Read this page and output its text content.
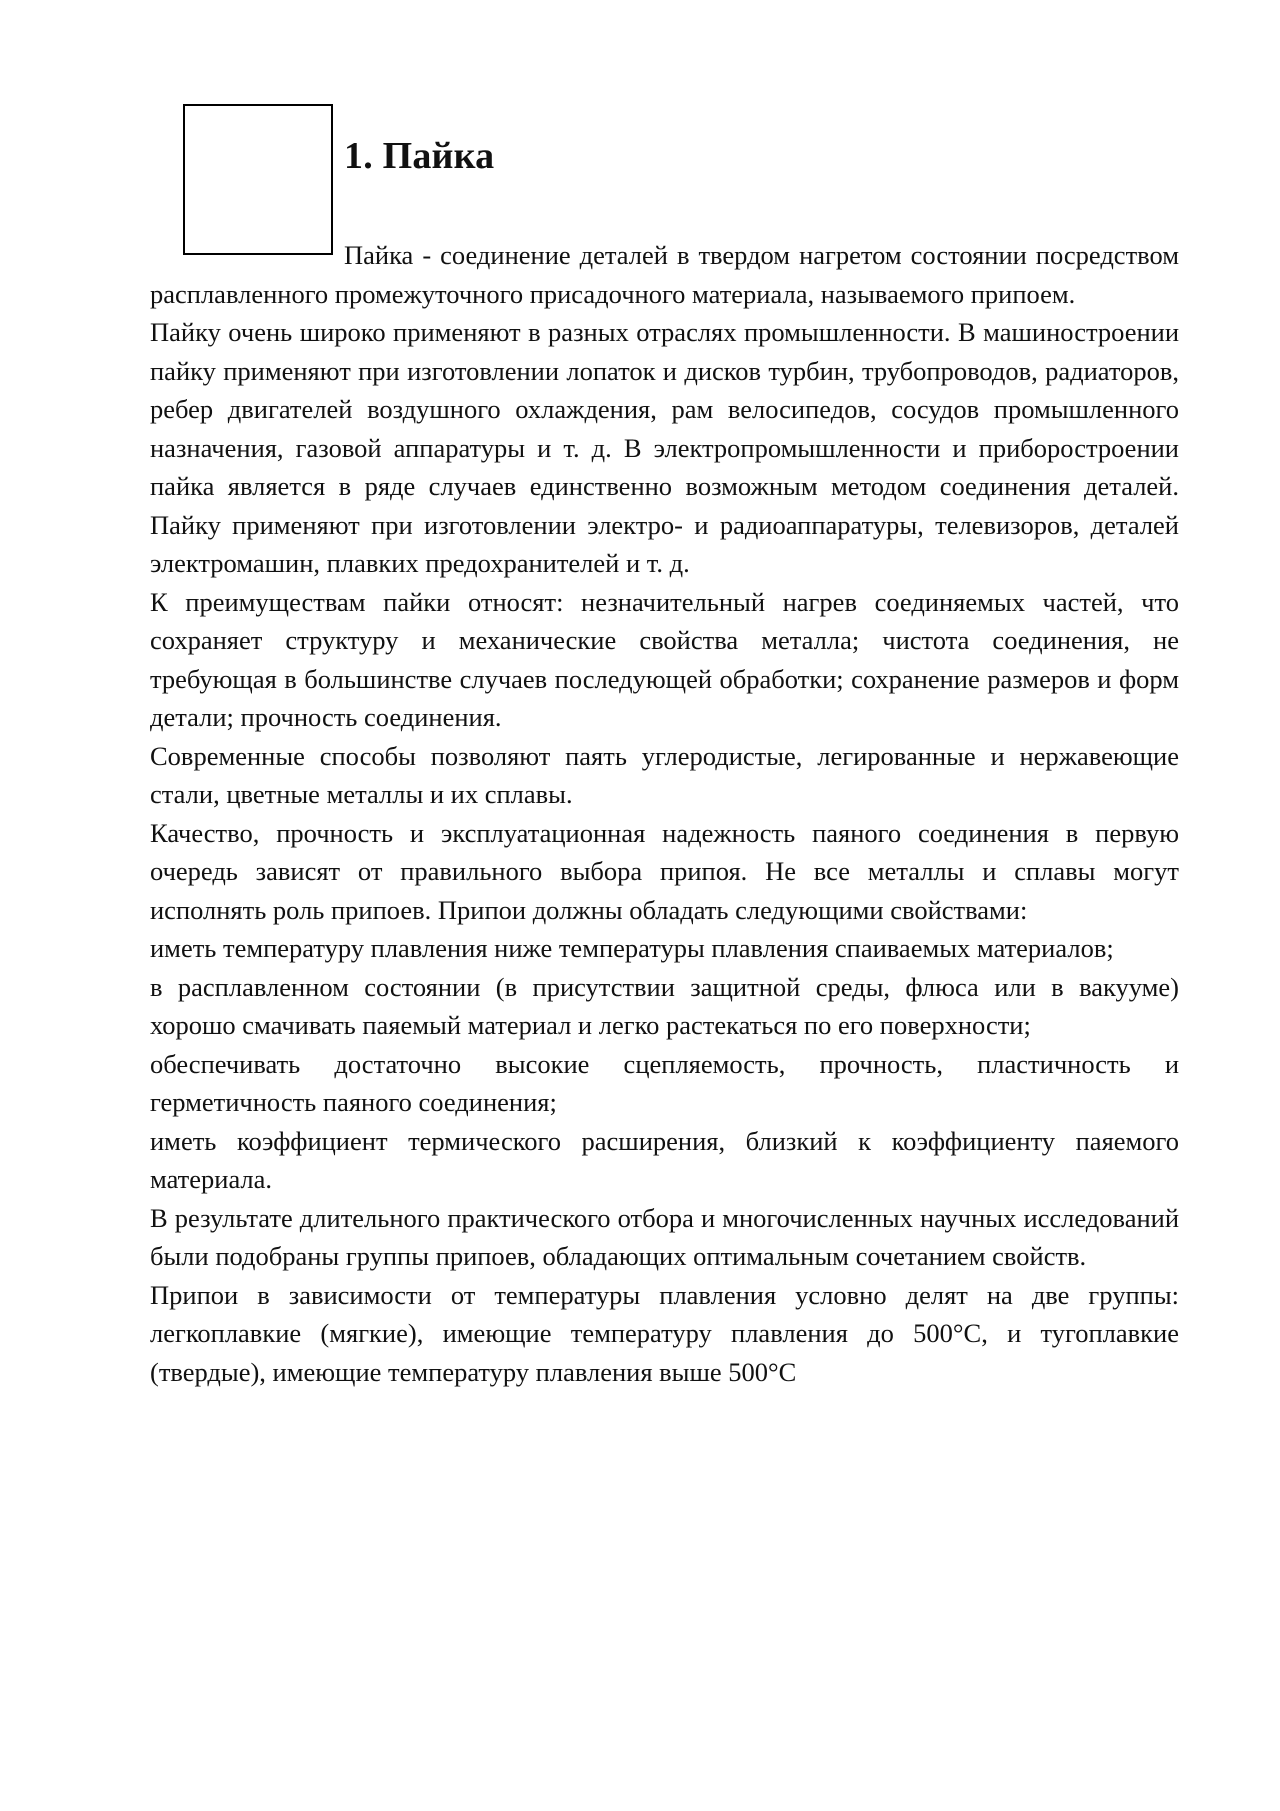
1. Пайка

Пайка - соединение деталей в твердом нагретом состоянии посредством расплавленного промежуточного присадочного материала, называемого припоем.

Пайку очень широко применяют в разных отраслях промышленности. В машиностроении пайку применяют при изготовлении лопаток и дисков турбин, трубопроводов, радиаторов, ребер двигателей воздушного охлаждения, рам велосипедов, сосудов промышленного назначения, газовой аппаратуры и т. д. В электропромышленности и приборостроении пайка является в ряде случаев единственно возможным методом соединения деталей. Пайку применяют при изготовлении электро- и радиоаппаратуры, телевизоров, деталей электромашин, плавких предохранителей и т. д.

К преимуществам пайки относят: незначительный нагрев соединяемых частей, что сохраняет структуру и механические свойства металла; чистота соединения, не требующая в большинстве случаев последующей обработки; сохранение размеров и форм детали; прочность соединения.

Современные способы позволяют паять углеродистые, легированные и нержавеющие стали, цветные металлы и их сплавы.

Качество, прочность и эксплуатационная надежность паяного соединения в первую очередь зависят от правильного выбора припоя. Не все металлы и сплавы могут исполнять роль припоев. Припои должны обладать следующими свойствами:

иметь температуру плавления ниже температуры плавления спаиваемых материалов;

в расплавленном состоянии (в присутствии защитной среды, флюса или в вакууме) хорошо смачивать паяемый материал и легко растекаться по его поверхности;

обеспечивать достаточно высокие сцепляемость, прочность, пластичность и герметичность паяного соединения;

иметь коэффициент термического расширения, близкий к коэффициенту паяемого материала.

В результате длительного практического отбора и многочисленных научных исследований были подобраны группы припоев, обладающих оптимальным сочетанием свойств.

Припои в зависимости от температуры плавления условно делят на две группы: легкоплавкие (мягкие), имеющие температуру плавления до 500°С, и тугоплавкие (твердые), имеющие температуру плавления выше 500°С
